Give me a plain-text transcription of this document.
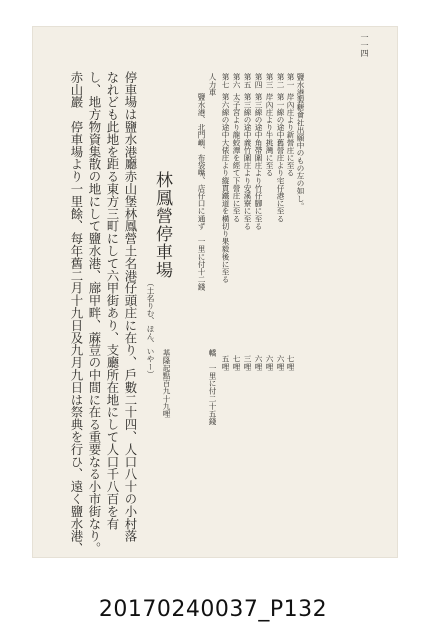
一一四
鹽水港製糖會社出願中のもの左の如し。
岸內庄より新營庄に至る
第一
第一線の途中舊營庄より宅仔港に至る
第二
岸內庄より牛挑灣に至る
第三
第三線の途中角帶圍庄より竹仔腳に至る
第四
第三線の途中義竹圍庄より安溪寮に至る
第五
太子宮より龍蛟潭を經て下營庄に至る
第六
第六線の途中大俵庄より縱貫鐵道を橫切り果毅後に至る
第七
七哩
六哩
六哩
六哩
三哩
七哩
五哩
人力車
鹽水港、北門嶼、布袋嘴、店仔口に通ず　一里に付十二錢
轎　一里に付二十五錢
林鳳營停車場
（土名りむ、ほん、いやー）
基隆起點百九十九哩
停車場は鹽水港廳赤山堡林鳳營土名港仔頭庄に在り、戶數二十四、人口八十の小村落
なれども此地を距る東方三町にして六甲街あり、支廳所在地にして人口千八百を有
し、地方物資集散の地にして鹽水港、廍甲畔、蔴荳の中間に在る重要なる小市街なり。
赤山巖　停車場より一里餘、每年舊二月十九日及九月九日は祭典を行ひ、遠く鹽水港、
20170240037_P132
